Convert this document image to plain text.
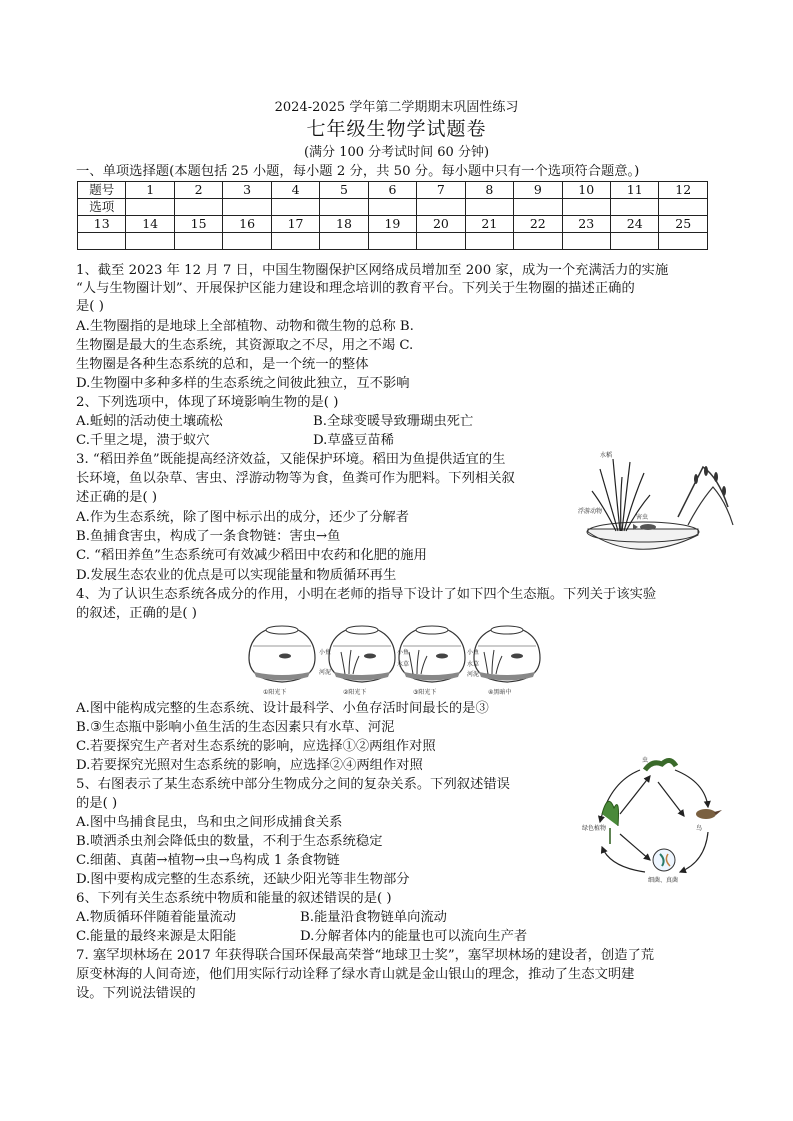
2024-2025 学年第二学期期末巩固性练习
七年级生物学试题卷
(满分 100 分考试时间 60 分钟)
一、单项选择题(本题包括 25 小题，每小题 2 分，共 50 分。每小题中只有一个选项符合题意。)
题号	1	2	3	4	5	6	7	8	9	10	11	12
选项												
13	14	15	16	17	18	19	20	21	22	23	24	25

1、截至 2023 年 12 月 7 日，中国生物圈保护区网络成员增加至 200 家，成为一个充满活力的实施
“人与生物圈计划”、开展保护区能力建设和理念培训的教育平台。下列关于生物圈的描述正确的
是( )
A.生物圈指的是地球上全部植物、动物和微生物的总称 B.
生物圈是最大的生态系统，其资源取之不尽，用之不竭 C.
生物圈是各种生态系统的总和，是一个统一的整体
D.生物圈中多种多样的生态系统之间彼此独立，互不影响
2、下列选项中，体现了环境影响生物的是( )
A.蚯蚓的活动使土壤疏松	B.全球变暖导致珊瑚虫死亡
C.千里之堤，溃于蚁穴	D.草盛豆苗稀
3. “稻田养鱼”既能提高经济效益，又能保护环境。稻田为鱼提供适宜的生
长环境，鱼以杂草、害虫、浮游动物等为食，鱼粪可作为肥料。下列相关叙
述正确的是( )
A.作为生态系统，除了图中标示出的成分，还少了分解者
B.鱼捕食害虫，构成了一条食物链：害虫→鱼
C. “稻田养鱼”生态系统可有效减少稻田中农药和化肥的施用
D.发展生态农业的优点是可以实现能量和物质循环再生
水稻
浮游动物
害虫
4、为了认识生态系统各成分的作用，小明在老师的指导下设计了如下四个生态瓶。下列关于该实验
的叙述，正确的是( )
小鱼
河泥
①阳光下
小鱼
水草
②阳光下
小鱼
水草
河泥
③阳光下	④黑暗中
A.图中能构成完整的生态系统、设计最科学、小鱼存活时间最长的是③
B.③生态瓶中影响小鱼生活的生态因素只有水草、河泥
C.若要探究生产者对生态系统的影响，应选择①②两组作对照
D.若要探究光照对生态系统的影响，应选择②④两组作对照
5、右图表示了某生态系统中部分生物成分之间的复杂关系。下列叙述错误
的是( )
A.图中鸟捕食昆虫，鸟和虫之间形成捕食关系
B.喷洒杀虫剂会降低虫的数量，不利于生态系统稳定
C.细菌、真菌→植物→虫→鸟构成 1 条食物链
D.图中要构成完整的生态系统，还缺少阳光等非生物部分
虫
绿色植物	鸟
细菌、真菌
6、下列有关生态系统中物质和能量的叙述错误的是( )
A.物质循环伴随着能量流动	B.能量沿食物链单向流动
C.能量的最终来源是太阳能	D.分解者体内的能量也可以流向生产者
7. 塞罕坝林场在 2017 年获得联合国环保最高荣誉“地球卫士奖”，塞罕坝林场的建设者，创造了荒
原变林海的人间奇迹，他们用实际行动诠释了绿水青山就是金山银山的理念，推动了生态文明建
设。下列说法错误的
